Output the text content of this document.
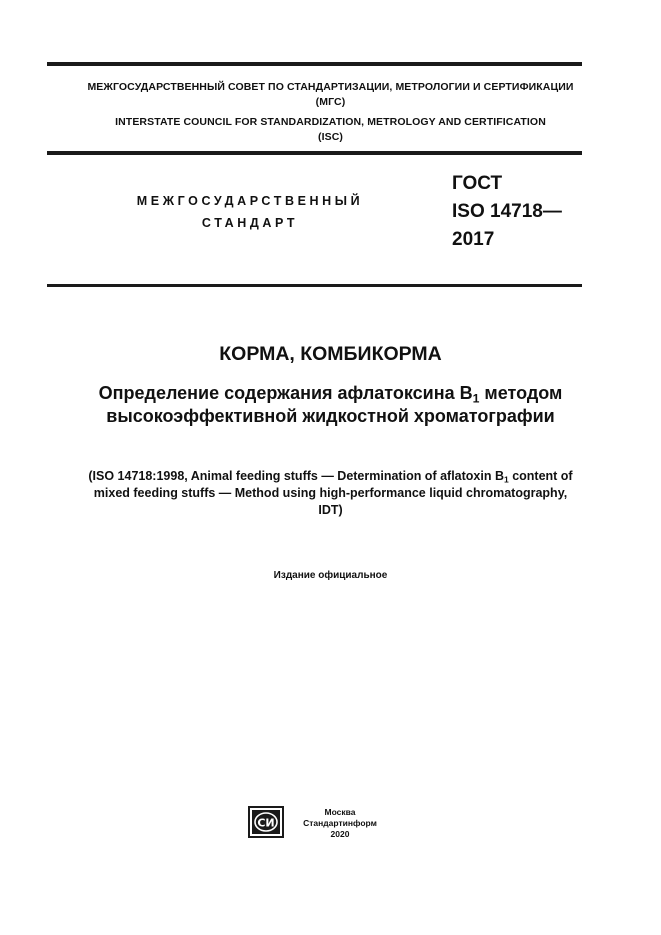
МЕЖГОСУДАРСТВЕННЫЙ СОВЕТ ПО СТАНДАРТИЗАЦИИ, МЕТРОЛОГИИ И СЕРТИФИКАЦИИ
(МГС)
INTERSTATE COUNCIL FOR STANDARDIZATION, METROLOGY AND CERTIFICATION
(ISC)
МЕЖГОСУДАРСТВЕННЫЙ
СТАНДАРТ
ГОСТ
ISO 14718—
2017
КОРМА, КОМБИКОРМА
Определение содержания афлатоксина $B_1$ методом
высокоэффективной жидкостной хроматографии
(ISO 14718:1998, Animal feeding stuffs — Determination of aflatoxin $B_1$ content of
mixed feeding stuffs — Method using high-performance liquid chromatography,
IDT)
Издание официальное
СИ
Москва
Стандартинформ
2020
